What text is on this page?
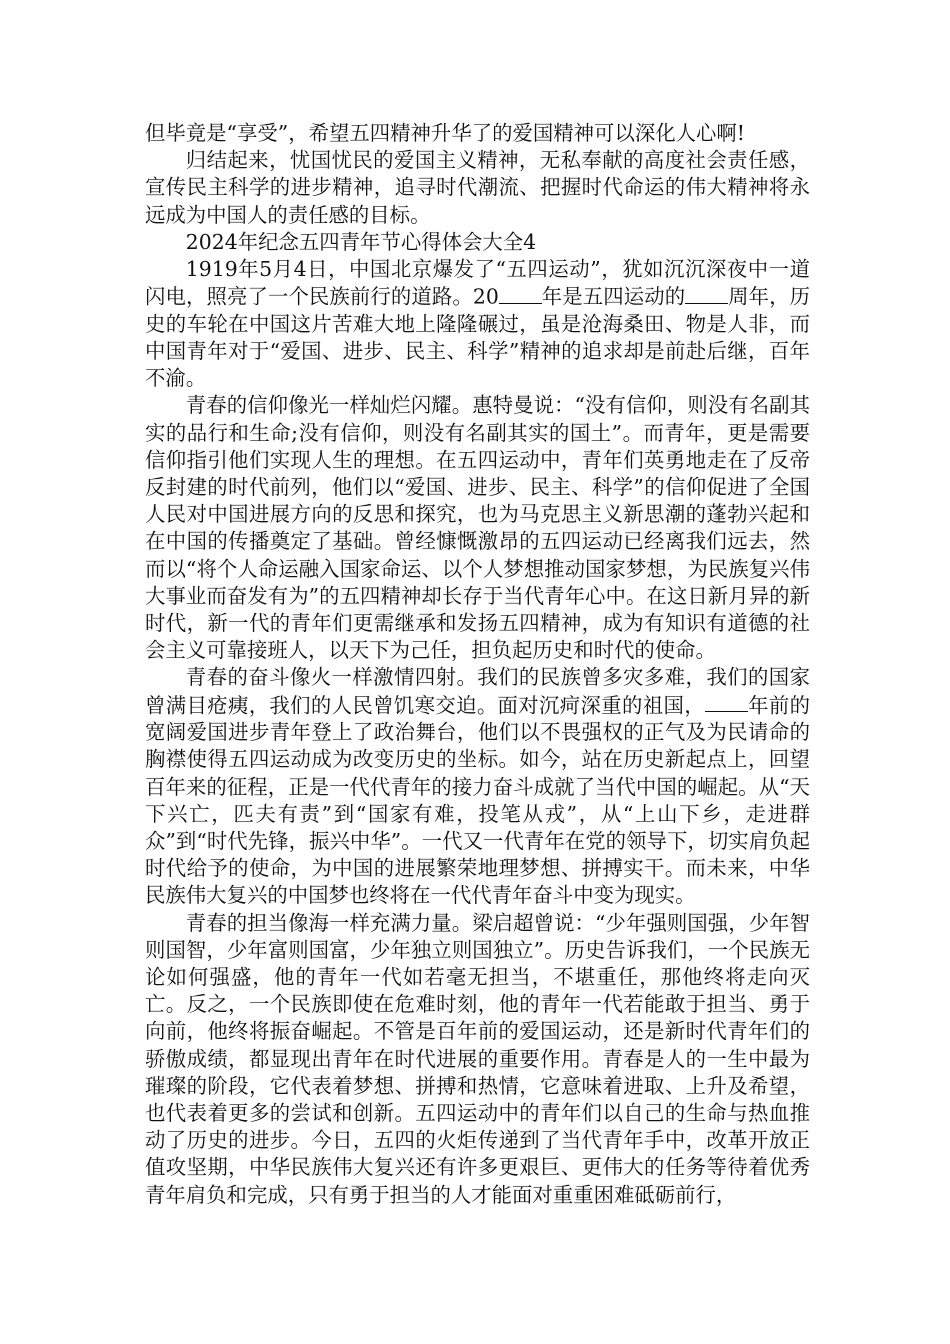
但毕竟是“享受”，希望五四精神升华了的爱国精神可以深化人心啊!

归结起来，忧国忧民的爱国主义精神，无私奉献的高度社会责任感，宣传民主科学的进步精神，追寻时代潮流、把握时代命运的伟大精神将永远成为中国人的责任感的目标。

2024年纪念五四青年节心得体会大全4

1919年5月4日，中国北京爆发了“五四运动”，犹如沉沉深夜中一道闪电，照亮了一个民族前行的道路。20 年是五四运动的 周年，历史的车轮在中国这片苦难大地上隆隆碾过，虽是沧海桑田、物是人非，而中国青年对于“爱国、进步、民主、科学”精神的追求却是前赴后继，百年不渝。

青春的信仰像光一样灿烂闪耀。惠特曼说：“没有信仰，则没有名副其实的品行和生命;没有信仰，则没有名副其实的国土”。而青年，更是需要信仰指引他们实现人生的理想。在五四运动中，青年们英勇地走在了反帝反封建的时代前列，他们以“爱国、进步、民主、科学”的信仰促进了全国人民对中国进展方向的反思和探究，也为马克思主义新思潮的蓬勃兴起和在中国的传播奠定了基础。曾经慷慨激昂的五四运动已经离我们远去，然而以“将个人命运融入国家命运、以个人梦想推动国家梦想，为民族复兴伟大事业而奋发有为”的五四精神却长存于当代青年心中。在这日新月异的新时代，新一代的青年们更需继承和发扬五四精神，成为有知识有道德的社会主义可靠接班人，以天下为己任，担负起历史和时代的使命。

青春的奋斗像火一样激情四射。我们的民族曾多灾多难，我们的国家曾满目疮痍，我们的人民曾饥寒交迫。面对沉疴深重的祖国， 年前的宽阔爱国进步青年登上了政治舞台，他们以不畏强权的正气及为民请命的胸襟使得五四运动成为改变历史的坐标。如今，站在历史新起点上，回望百年来的征程，正是一代代青年的接力奋斗成就了当代中国的崛起。从“天下兴亡，匹夫有责”到“国家有难，投笔从戎”，从“上山下乡，走进群众”到“时代先锋，振兴中华”。一代又一代青年在党的领导下，切实肩负起时代给予的使命，为中国的进展繁荣地理梦想、拼搏实干。而未来，中华民族伟大复兴的中国梦也终将在一代代青年奋斗中变为现实。

青春的担当像海一样充满力量。梁启超曾说：“少年强则国强，少年智则国智，少年富则国富，少年独立则国独立”。历史告诉我们，一个民族无论如何强盛，他的青年一代如若毫无担当，不堪重任，那他终将走向灭亡。反之，一个民族即使在危难时刻，他的青年一代若能敢于担当、勇于向前，他终将振奋崛起。不管是百年前的爱国运动，还是新时代青年们的骄傲成绩，都显现出青年在时代进展的重要作用。青春是人的一生中最为璀璨的阶段，它代表着梦想、拼搏和热情，它意味着进取、上升及希望，也代表着更多的尝试和创新。五四运动中的青年们以自己的生命与热血推动了历史的进步。今日，五四的火炬传递到了当代青年手中，改革开放正值攻坚期，中华民族伟大复兴还有许多更艰巨、更伟大的任务等待着优秀青年肩负和完成，只有勇于担当的人才能面对重重困难砥砺前行，
